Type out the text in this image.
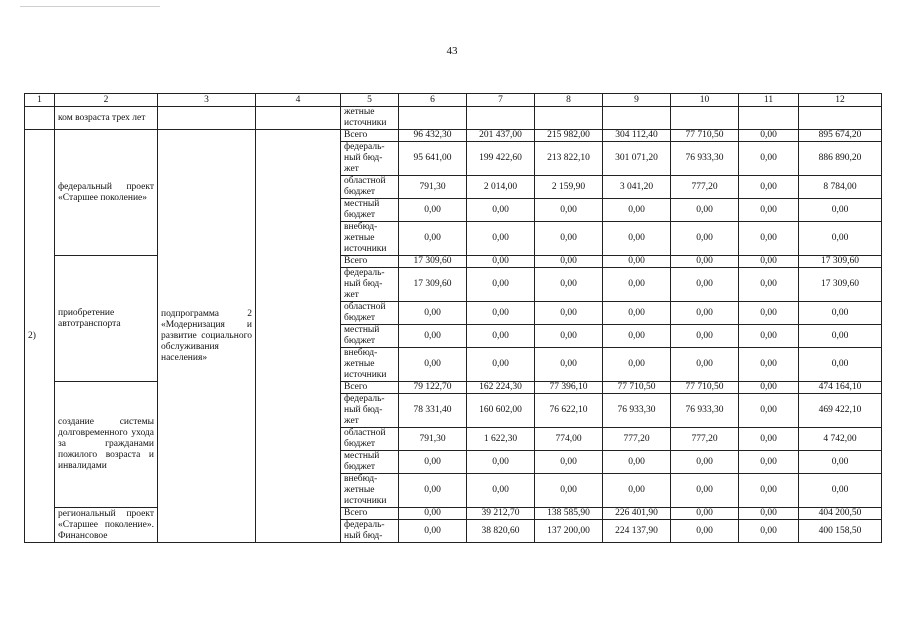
43
1	2	3	4	5	6	7	8	9	10	11	12
	ком возраста трех лет			жетные
источники							

2)	федеральный проект «Старшее поколение»	подпрограмма 2 «Модернизация и развитие социального обслуживания населения»		Всего	96 432,30	201 437,00	215 982,00	304 112,40	77 710,50	0,00	895 674,20

				федераль-
ный бюд-
жет	95 641,00	199 422,60	213 822,10	301 071,20	76 933,30	0,00	886 890,20

				областной
бюджет	791,30	2 014,00	2 159,90	3 041,20	777,20	0,00	8 784,00

				местный
бюджет	0,00	0,00	0,00	0,00	0,00	0,00	0,00

				внебюд-
жетные
источники	0,00	0,00	0,00	0,00	0,00	0,00	0,00
	приобретение автотранспорта			Всего	17 309,60	0,00	0,00	0,00	0,00	0,00	17 309,60

				федераль-
ный бюд-
жет	17 309,60	0,00	0,00	0,00	0,00	0,00	17 309,60

				областной
бюджет	0,00	0,00	0,00	0,00	0,00	0,00	0,00

				местный
бюджет	0,00	0,00	0,00	0,00	0,00	0,00	0,00

				внебюд-
жетные
источники	0,00	0,00	0,00	0,00	0,00	0,00	0,00
	создание системы долговременного ухода за гражданами пожилого возраста и инвалидами			Всего	79 122,70	162 224,30	77 396,10	77 710,50	77 710,50	0,00	474 164,10

				федераль-
ный бюд-
жет	78 331,40	160 602,00	76 622,10	76 933,30	76 933,30	0,00	469 422,10

				областной
бюджет	791,30	1 622,30	774,00	777,20	777,20	0,00	4 742,00

				местный
бюджет	0,00	0,00	0,00	0,00	0,00	0,00	0,00

				внебюд-
жетные
источники	0,00	0,00	0,00	0,00	0,00	0,00	0,00
	региональный проект «Старшее поколение». Финансовое			Всего	0,00	39 212,70	138 585,90	226 401,90	0,00	0,00	404 200,50

				федераль-
ный бюд-	0,00	38 820,60	137 200,00	224 137,90	0,00	0,00	400 158,50
